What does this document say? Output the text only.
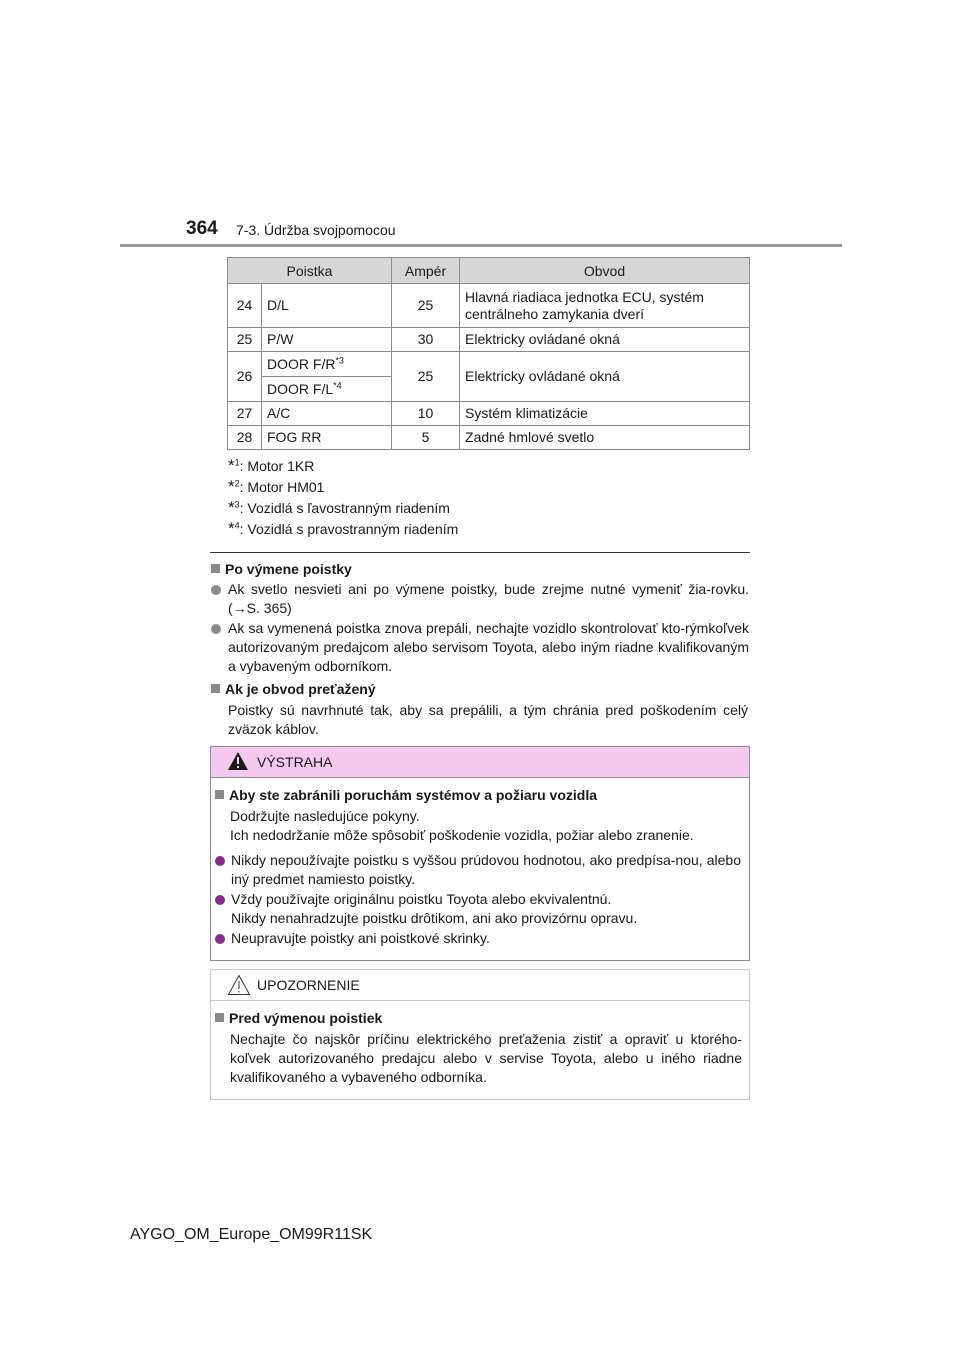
364 7-3. Údržba svojpomocou
Poistka		Ampér	Obvod
24	D/L	25	Hlavná riadiaca jednotka ECU, systém centrálneho zamykania dverí
25	P/W	30	Elektricky ovládané okná
26	DOOR $F/R^{*3}$	25	Elektricky ovládané okná
	DOOR $F/L^{*4}$
27	A/C	10	Systém klimatizácie
28	FOG RR	5	Zadné hmlové svetlo
*$^1$: Motor 1KR
*$^2$: Motor HM01
*$^3$: Vozidlá s ľavostranným riadením
*$^4$: Vozidlá s pravostranným riadením
Po výmene poistky
Ak svetlo nesvieti ani po výmene poistky, bude zrejme nutné vymeniť žia-rovku. (→S. 365)
Ak sa vymenená poistka znova prepáli, nechajte vozidlo skontrolovať kto-rýmkoľvek autorizovaným predajcom alebo servisom Toyota, alebo iným riadne kvalifikovaným a vybaveným odborníkom.
Ak je obvod preťažený
Poistky sú navrhnuté tak, aby sa prepálili, a tým chránia pred poškodením celý zväzok káblov.
VÝSTRAHA
Aby ste zabránili poruchám systémov a požiaru vozidla
Dodržujte nasledujúce pokyny.
Ich nedodržanie môže spôsobiť poškodenie vozidla, požiar alebo zranenie.
Nikdy nepoužívajte poistku s vyššou prúdovou hodnotou, ako predpísa-nou, alebo iný predmet namiesto poistky.
Vždy používajte originálnu poistku Toyota alebo ekvivalentnú.
Nikdy nenahradzujte poistku drôtikom, ani ako provizórnu opravu.
Neupravujte poistky ani poistkové skrinky.
UPOZORNENIE
Pred výmenou poistiek
Nechajte čo najskôr príčinu elektrického preťaženia zistiť a opraviť u ktorého-koľvek autorizovaného predajcu alebo v servise Toyota, alebo u iného riadne kvalifikovaného a vybaveného odborníka.
AYGO_OM_Europe_OM99R11SK
